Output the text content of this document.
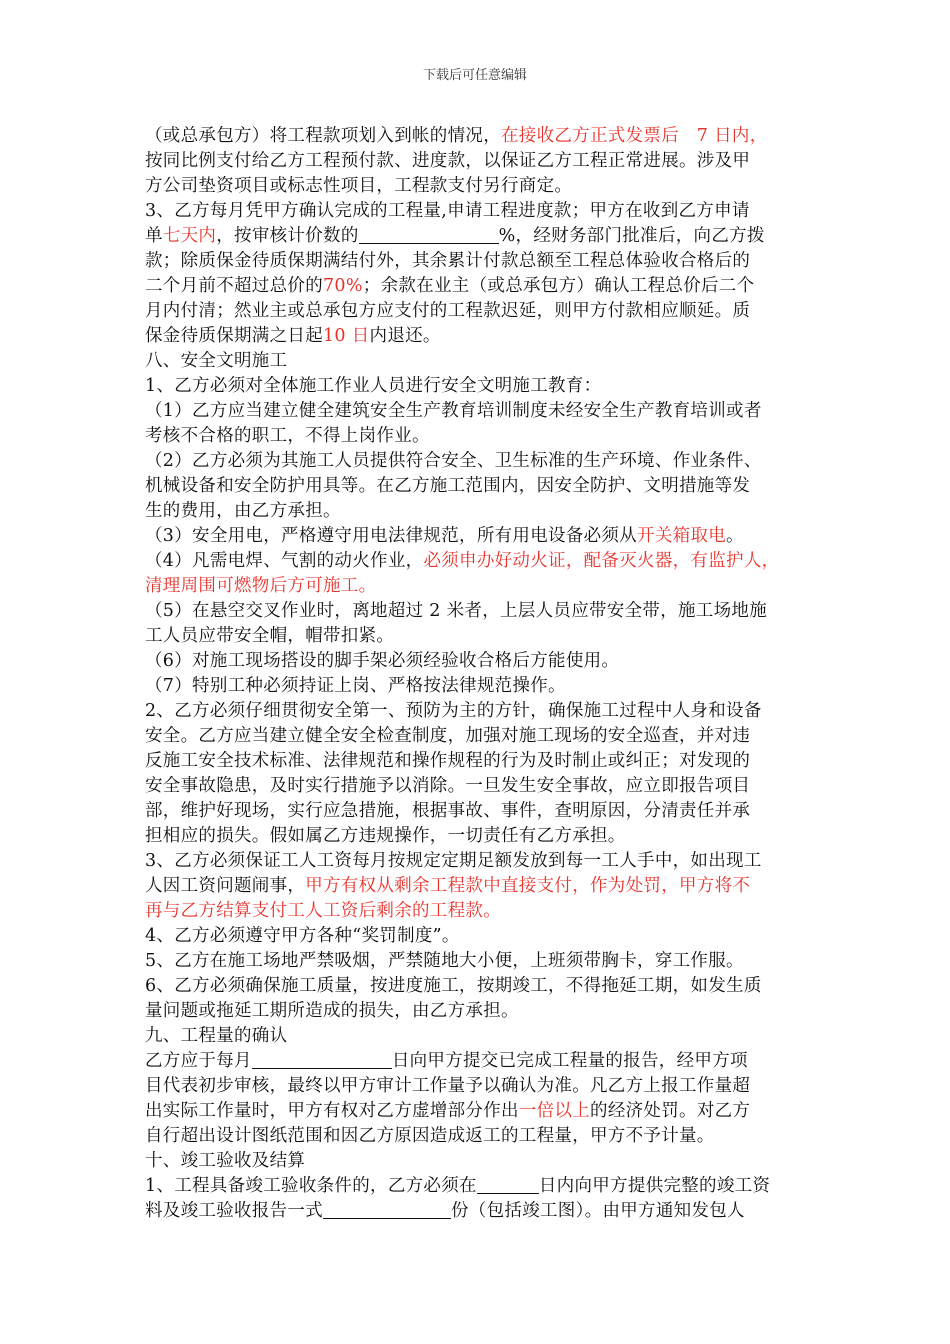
下载后可任意编辑
（或总承包方）将工程款项划入到帐的情况，在接收乙方正式发票后　7 日内，
按同比例支付给乙方工程预付款、进度款，以保证乙方工程正常进展。涉及甲
方公司垫资项目或标志性项目，工程款支付另行商定。
3、乙方每月凭甲方确认完成的工程量,申请工程进度款；甲方在收到乙方申请
单七天内，按审核计价数的	%，经财务部门批准后，向乙方拨
款；除质保金待质保期满结付外，其余累计付款总额至工程总体验收合格后的
二个月前不超过总价的70%；余款在业主（或总承包方）确认工程总价后二个
月内付清；然业主或总承包方应支付的工程款迟延，则甲方付款相应顺延。质
保金待质保期满之日起10 日内退还。
八、安全文明施工
1、乙方必须对全体施工作业人员进行安全文明施工教育：
（1）乙方应当建立健全建筑安全生产教育培训制度未经安全生产教育培训或者
考核不合格的职工，不得上岗作业。
（2）乙方必须为其施工人员提供符合安全、卫生标准的生产环境、作业条件、
机械设备和安全防护用具等。在乙方施工范围内，因安全防护、文明措施等发
生的费用，由乙方承担。
（3）安全用电，严格遵守用电法律规范，所有用电设备必须从开关箱取电。
（4）凡需电焊、气割的动火作业，必须申办好动火证，配备灭火器，有监护人，
清理周围可燃物后方可施工。
（5）在悬空交叉作业时，离地超过 2 米者，上层人员应带安全带，施工场地施
工人员应带安全帽，帽带扣紧。
（6）对施工现场搭设的脚手架必须经验收合格后方能使用。
（7）特别工种必须持证上岗、严格按法律规范操作。
2、乙方必须仔细贯彻安全第一、预防为主的方针，确保施工过程中人身和设备
安全。乙方应当建立健全安全检查制度，加强对施工现场的安全巡查，并对违
反施工安全技术标准、法律规范和操作规程的行为及时制止或纠正；对发现的
安全事故隐患，及时实行措施予以消除。一旦发生安全事故，应立即报告项目
部，维护好现场，实行应急措施，根据事故、事件，查明原因，分清责任并承
担相应的损失。假如属乙方违规操作，一切责任有乙方承担。
3、乙方必须保证工人工资每月按规定定期足额发放到每一工人手中，如出现工
人因工资问题闹事，甲方有权从剩余工程款中直接支付，作为处罚，甲方将不
再与乙方结算支付工人工资后剩余的工程款。
4、乙方必须遵守甲方各种“奖罚制度”。
5、乙方在施工场地严禁吸烟，严禁随地大小便，上班须带胸卡，穿工作服。
6、乙方必须确保施工质量，按进度施工，按期竣工，不得拖延工期，如发生质
量问题或拖延工期所造成的损失，由乙方承担。
九、工程量的确认
乙方应于每月	日向甲方提交已完成工程量的报告，经甲方项
目代表初步审核，最终以甲方审计工作量予以确认为准。凡乙方上报工作量超
出实际工作量时，甲方有权对乙方虚增部分作出一倍以上的经济处罚。对乙方
自行超出设计图纸范围和因乙方原因造成返工的工程量，甲方不予计量。
十、竣工验收及结算
1、工程具备竣工验收条件的，乙方必须在	日内向甲方提供完整的竣工资
料及竣工验收报告一式	份（包括竣工图）。由甲方通知发包人
